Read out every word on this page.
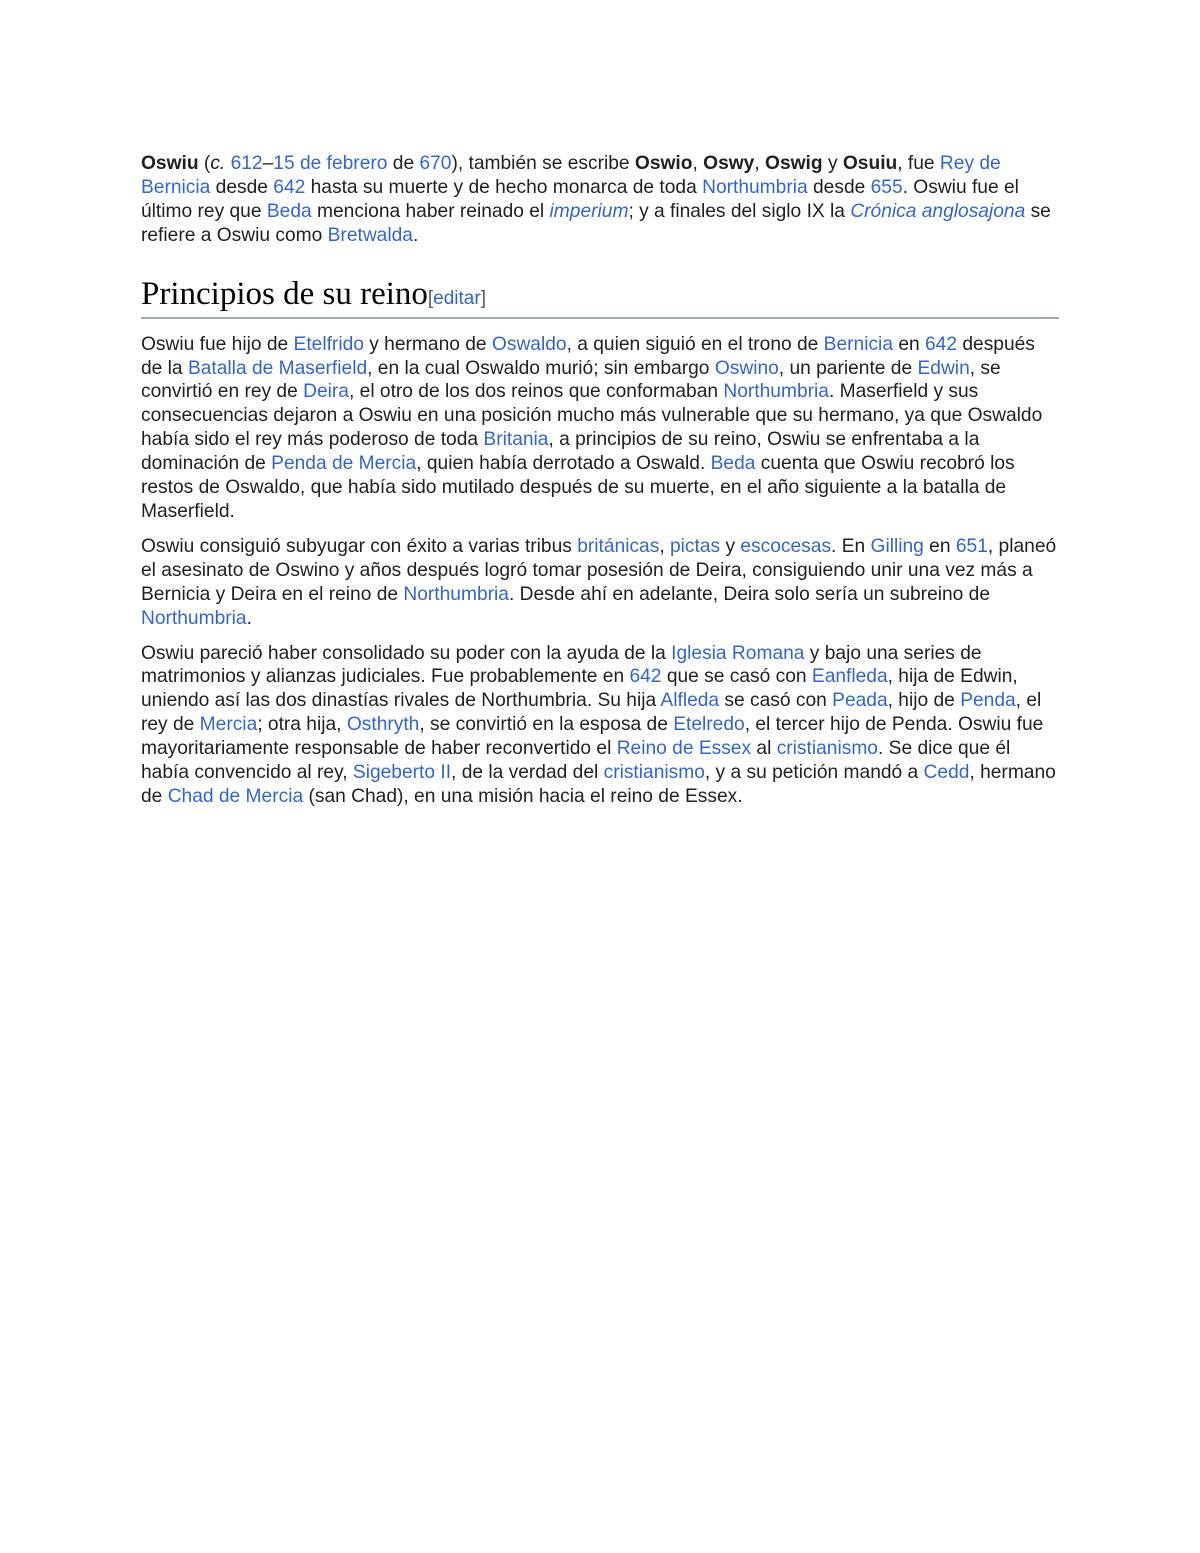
Oswiu (c. 612–15 de febrero de 670), también se escribe Oswio, Oswy, Oswig y Osuiu, fue Rey de Bernicia desde 642 hasta su muerte y de hecho monarca de toda Northumbria desde 655. Oswiu fue el último rey que Beda menciona haber reinado el imperium; y a finales del siglo IX la Crónica anglosajona se refiere a Oswiu como Bretwalda.

Principios de su reino[editar]

Oswiu fue hijo de Etelfrido y hermano de Oswaldo, a quien siguió en el trono de Bernicia en 642 después de la Batalla de Maserfield, en la cual Oswaldo murió; sin embargo Oswino, un pariente de Edwin, se convirtió en rey de Deira, el otro de los dos reinos que conformaban Northumbria. Maserfield y sus consecuencias dejaron a Oswiu en una posición mucho más vulnerable que su hermano, ya que Oswaldo había sido el rey más poderoso de toda Britania, a principios de su reino, Oswiu se enfrentaba a la dominación de Penda de Mercia, quien había derrotado a Oswald. Beda cuenta que Oswiu recobró los restos de Oswaldo, que había sido mutilado después de su muerte, en el año siguiente a la batalla de Maserfield.

Oswiu consiguió subyugar con éxito a varias tribus británicas, pictas y escocesas. En Gilling en 651, planeó el asesinato de Oswino y años después logró tomar posesión de Deira, consiguiendo unir una vez más a Bernicia y Deira en el reino de Northumbria. Desde ahí en adelante, Deira solo sería un subreino de Northumbria.

Oswiu pareció haber consolidado su poder con la ayuda de la Iglesia Romana y bajo una series de matrimonios y alianzas judiciales. Fue probablemente en 642 que se casó con Eanfleda, hija de Edwin, uniendo así las dos dinastías rivales de Northumbria. Su hija Alfleda se casó con Peada, hijo de Penda, el rey de Mercia; otra hija, Osthryth, se convirtió en la esposa de Etelredo, el tercer hijo de Penda. Oswiu fue mayoritariamente responsable de haber reconvertido el Reino de Essex al cristianismo. Se dice que él había convencido al rey, Sigeberto II, de la verdad del cristianismo, y a su petición mandó a Cedd, hermano de Chad de Mercia (san Chad), en una misión hacia el reino de Essex.
